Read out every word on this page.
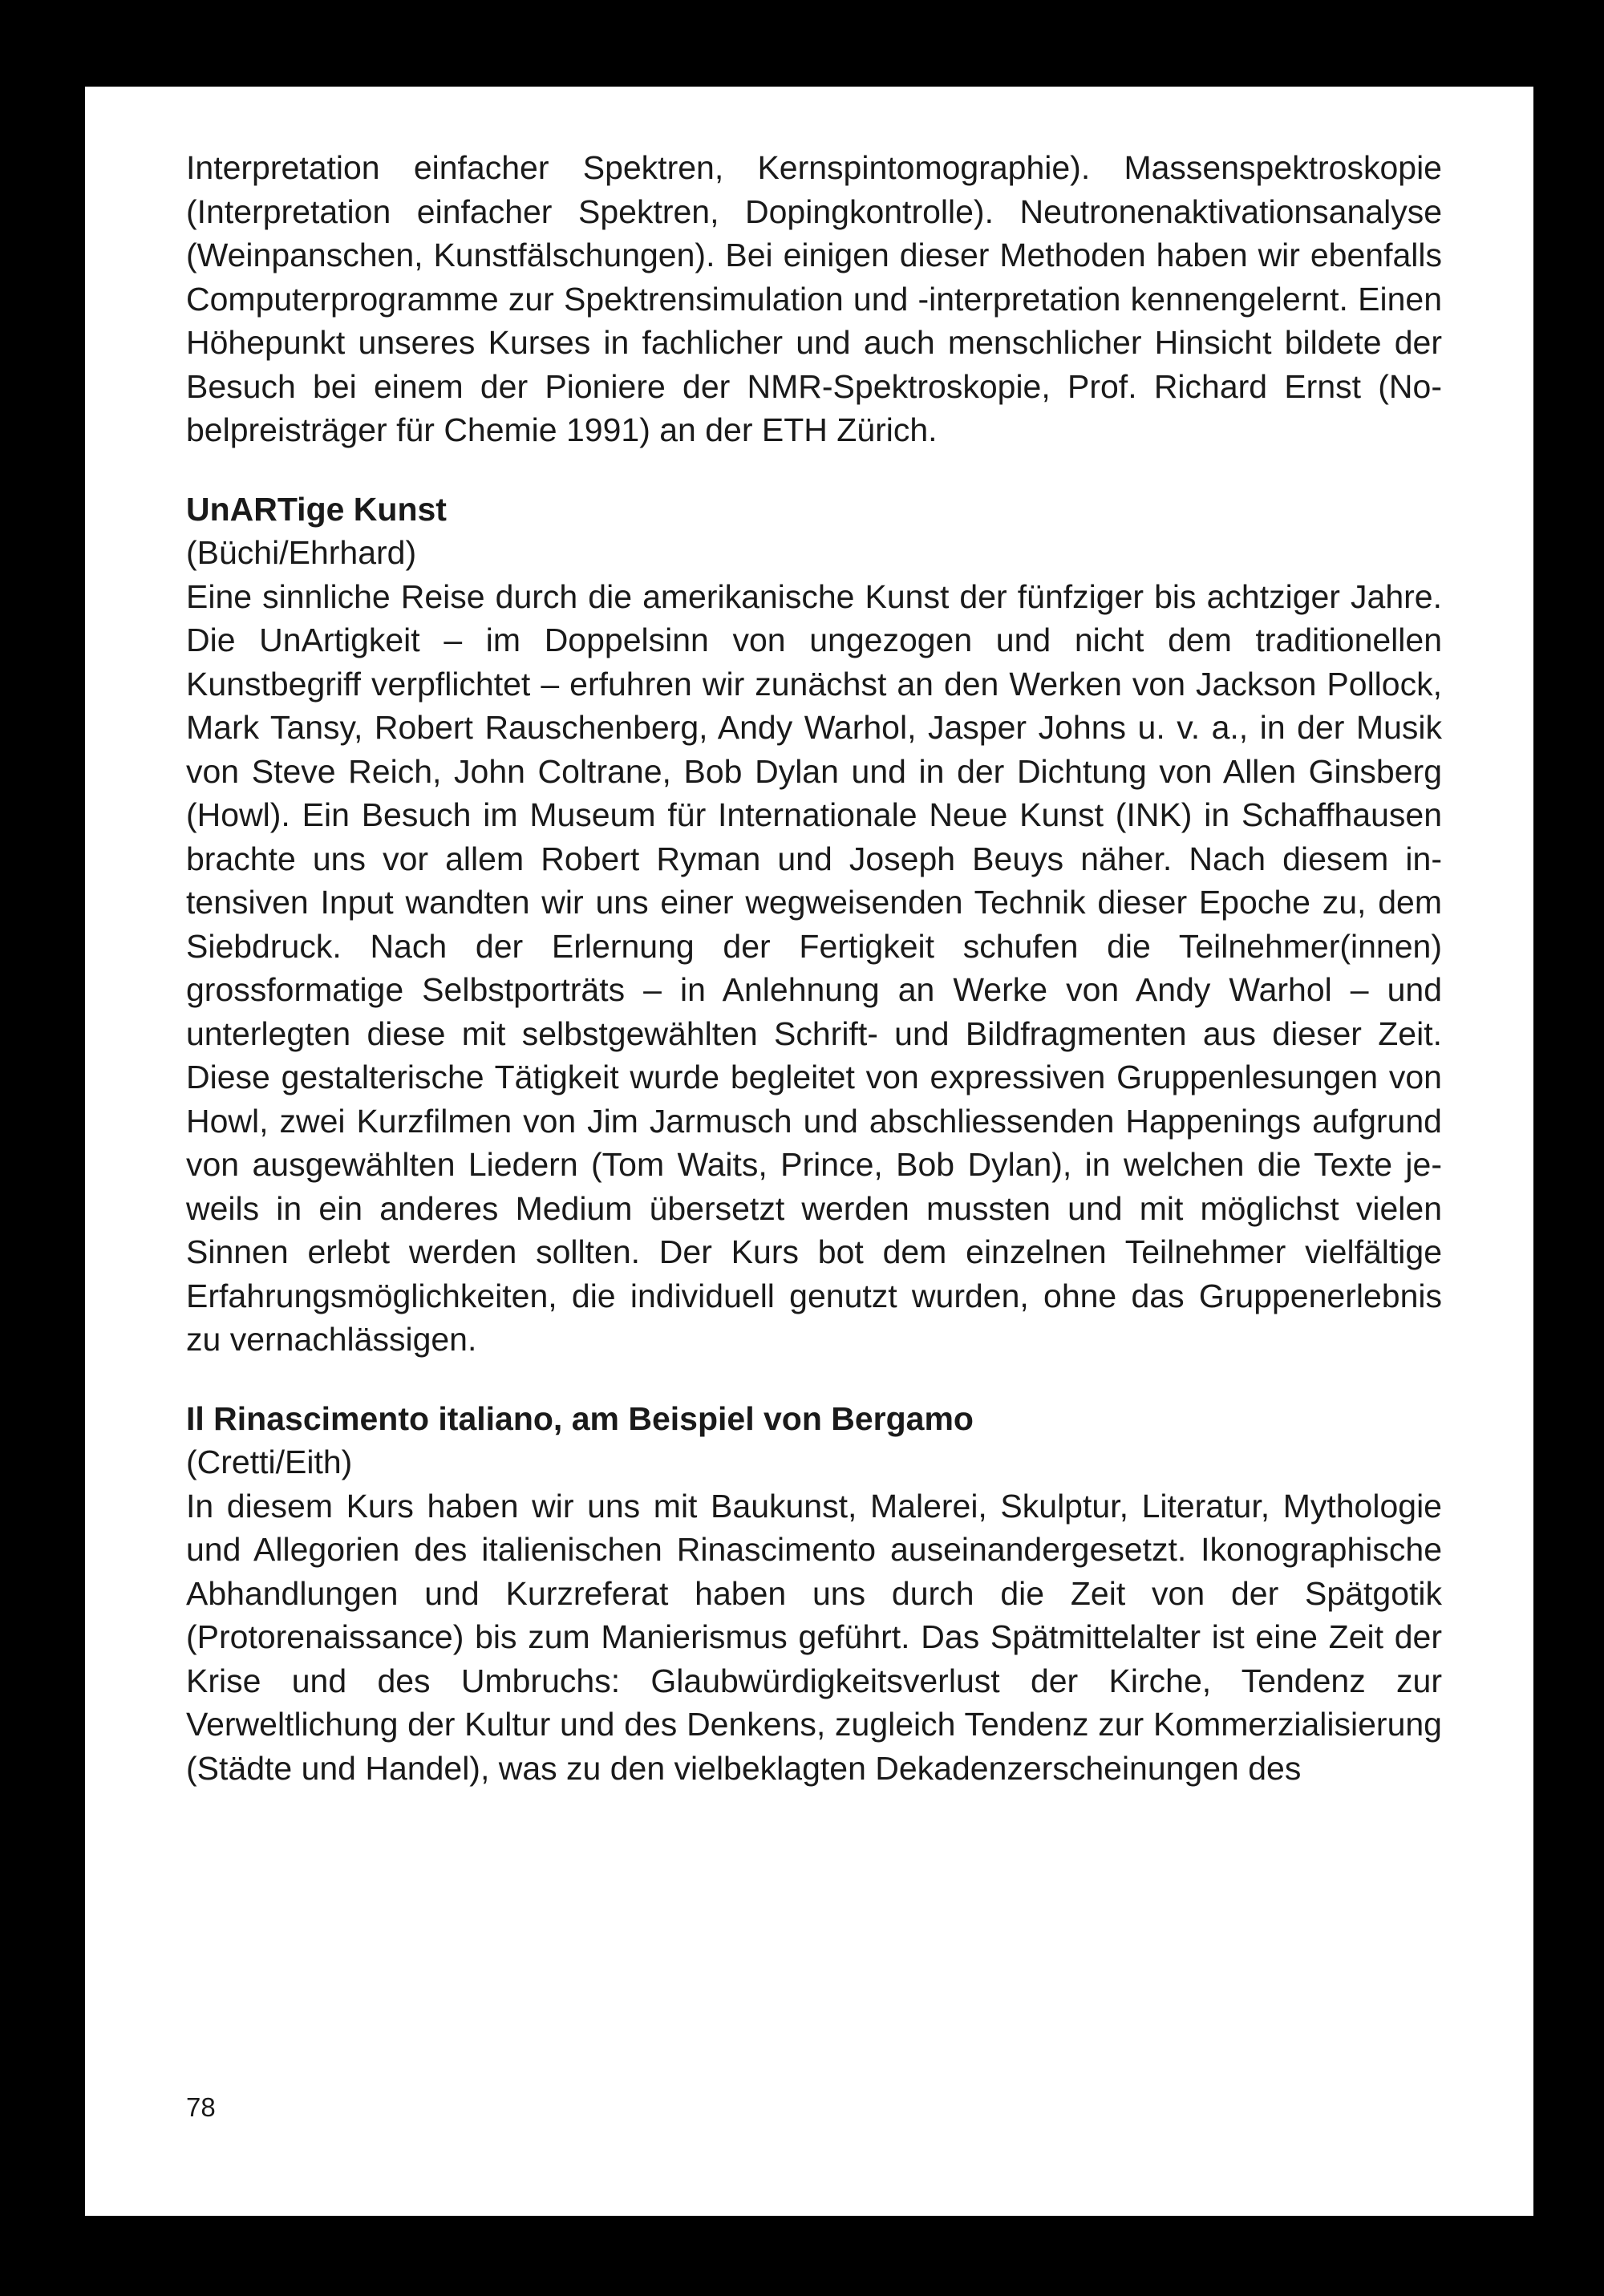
Interpretation einfacher Spektren, Kernspintomographie). Massenspektroskopie (Interpretation einfacher Spektren, Dopingkontrolle). Neutronenaktivationsanalyse (Weinpanschen, Kunstfälschungen). Bei einigen dieser Methoden haben wir ebenfalls Computerprogramme zur Spektrensimulation und -interpretation kennengelernt. Einen Höhepunkt unseres Kurses in fachlicher und auch menschlicher Hinsicht bildete der Besuch bei einem der Pioniere der NMR-Spektroskopie, Prof. Richard Ernst (Nobelpreisträger für Chemie 1991) an der ETH Zürich.

UnARTige Kunst

(Büchi/Ehrhard)

Eine sinnliche Reise durch die amerikanische Kunst der fünfziger bis achtziger Jahre. Die UnArtigkeit – im Doppelsinn von ungezogen und nicht dem traditionellen Kunstbegriff verpflichtet – erfuhren wir zunächst an den Werken von Jackson Pollock, Mark Tansy, Robert Rauschenberg, Andy Warhol, Jasper Johns u. v. a., in der Musik von Steve Reich, John Coltrane, Bob Dylan und in der Dichtung von Allen Ginsberg (Howl). Ein Besuch im Museum für Internationale Neue Kunst (INK) in Schaffhausen brachte uns vor allem Robert Ryman und Joseph Beuys näher. Nach diesem intensiven Input wandten wir uns einer wegweisenden Technik dieser Epoche zu, dem Siebdruck. Nach der Erlernung der Fertigkeit schufen die Teilnehmer(innen) grossformatige Selbstporträts – in Anlehnung an Werke von Andy Warhol – und unterlegten diese mit selbstgewählten Schrift- und Bildfragmenten aus dieser Zeit. Diese gestalterische Tätigkeit wurde begleitet von expressiven Gruppenlesungen von Howl, zwei Kurzfilmen von Jim Jarmusch und abschliessenden Happenings aufgrund von ausgewählten Liedern (Tom Waits, Prince, Bob Dylan), in welchen die Texte jeweils in ein anderes Medium übersetzt werden mussten und mit möglichst vielen Sinnen erlebt werden sollten. Der Kurs bot dem einzelnen Teilnehmer vielfältige Erfahrungsmöglichkeiten, die individuell genutzt wurden, ohne das Gruppenerlebnis zu vernachlässigen.

Il Rinascimento italiano, am Beispiel von Bergamo

(Cretti/Eith)

In diesem Kurs haben wir uns mit Baukunst, Malerei, Skulptur, Literatur, Mythologie und Allegorien des italienischen Rinascimento auseinandergesetzt. Ikonographische Abhandlungen und Kurzreferat haben uns durch die Zeit von der Spätgotik (Protorenaissance) bis zum Manierismus geführt. Das Spätmittelalter ist eine Zeit der Krise und des Umbruchs: Glaubwürdigkeitsverlust der Kirche, Tendenz zur Verweltlichung der Kultur und des Denkens, zugleich Tendenz zur Kommerzialisierung (Städte und Handel), was zu den vielbeklagten Dekadenzerscheinungen des

78
